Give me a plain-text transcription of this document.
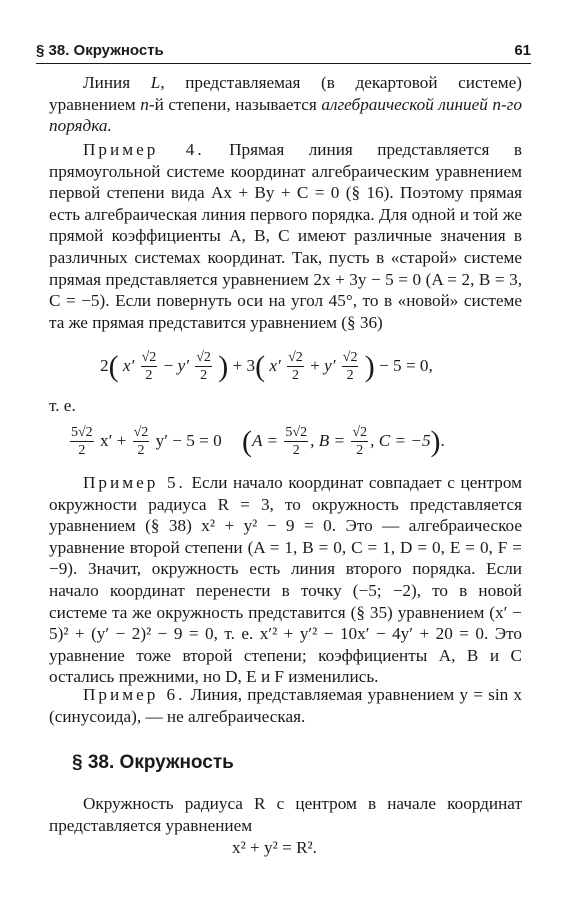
§ 38. Окружность	61

Линия L, представляемая (в декартовой системе) уравнением n-й степени, называется алгебраической линией n-го порядка.

Пример 4. Прямая линия представляется в прямоугольной системе координат алгебраическим уравнением первой степени вида Ax + By + C = 0 (§ 16). Поэтому прямая есть алгебраическая линия первого порядка. Для одной и той же прямой коэффициенты A, B, C имеют различные значения в различных системах координат. Так, пусть в «старой» системе прямая представляется уравнением 2x + 3y − 5 = 0 (A = 2, B = 3, C = −5). Если повернуть оси на угол 45°, то в «новой» системе та же прямая представится уравнением (§ 36)

2( $x' \frac{√2}{2} - y' \frac{√2}{2}$ ) + 3( $x' \frac{√2}{2} + y' \frac{√2}{2}$ ) − 5 = 0,
т. е.
$\frac{5√2}{2} x' + \frac{√2}{2} y' - 5 = 0$ ($A = \frac{5√2}{2}$ , $B = \frac{√2}{2}$ , C = −5).

Пример 5. Если начало координат совпадает с центром окружности радиуса R = 3, то окружность представляется уравнением (§ 38) x² + y² − 9 = 0. Это — алгебраическое уравнение второй степени (A = 1, B = 0, C = 1, D = 0, E = 0, F = −9). Значит, окружность есть линия второго порядка. Если начало координат перенести в точку (−5; −2), то в новой системе та же окружность представится (§ 35) уравнением (x′ − 5)² + (y′ − 2)² − 9 = 0, т. е. x′² + y′² − 10x′ − 4y′ + 20 = 0. Это уравнение тоже второй степени; коэффициенты A, B и C остались прежними, но D, E и F изменились.

Пример 6. Линия, представляемая уравнением y = sin x (синусоида), — не алгебраическая.

§ 38. Окружность

Окружность радиуса R с центром в начале координат представляется уравнением

x² + y² = R².
